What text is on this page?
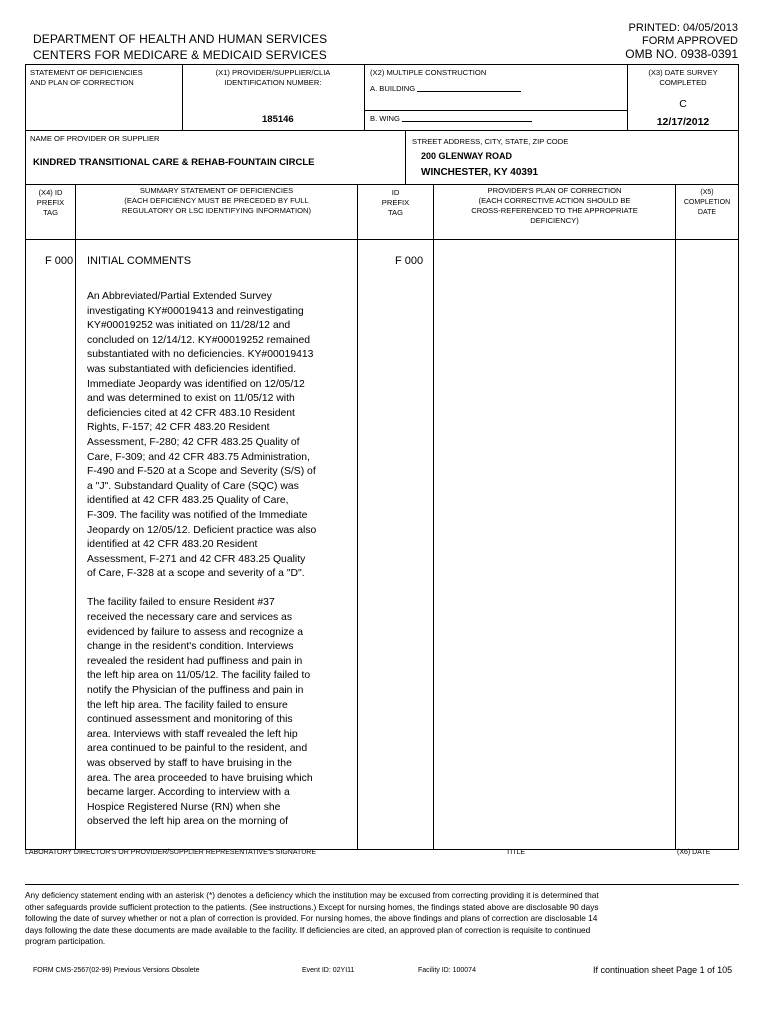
DEPARTMENT OF HEALTH AND HUMAN SERVICES
CENTERS FOR MEDICARE & MEDICAID SERVICES
PRINTED: 04/05/2013
FORM APPROVED
OMB NO. 0938-0391
STATEMENT OF DEFICIENCIES
AND PLAN OF CORRECTION
(X1) PROVIDER/SUPPLIER/CLIA
IDENTIFICATION NUMBER:
185146
(X2) MULTIPLE CONSTRUCTION
A. BUILDING
B. WING
(X3) DATE SURVEY
COMPLETED
C
12/17/2012
NAME OF PROVIDER OR SUPPLIER
KINDRED TRANSITIONAL CARE & REHAB-FOUNTAIN CIRCLE
STREET ADDRESS, CITY, STATE, ZIP CODE
200 GLENWAY ROAD
WINCHESTER, KY 40391
(X4) ID
PREFIX
TAG
SUMMARY STATEMENT OF DEFICIENCIES
(EACH DEFICIENCY MUST BE PRECEDED BY FULL
REGULATORY OR LSC IDENTIFYING INFORMATION)
ID
PREFIX
TAG
PROVIDER'S PLAN OF CORRECTION
(EACH CORRECTIVE ACTION SHOULD BE
CROSS-REFERENCED TO THE APPROPRIATE
DEFICIENCY)
(X5)
COMPLETION
DATE
F 000 INITIAL COMMENTS	F 000

An Abbreviated/Partial Extended Survey
investigating KY#00019413 and reinvestigating
KY#00019252 was initiated on 11/28/12 and
concluded on 12/14/12. KY#00019252 remained
substantiated with no deficiencies. KY#00019413
was substantiated with deficiencies identified.
Immediate Jeopardy was identified on 12/05/12
and was determined to exist on 11/05/12 with
deficiencies cited at 42 CFR 483.10 Resident
Rights, F-157; 42 CFR 483.20 Resident
Assessment, F-280; 42 CFR 483.25 Quality of
Care, F-309; and 42 CFR 483.75 Administration,
F-490 and F-520 at a Scope and Severity (S/S) of
a "J". Substandard Quality of Care (SQC) was
identified at 42 CFR 483.25 Quality of Care,
F-309. The facility was notified of the Immediate
Jeopardy on 12/05/12. Deficient practice was also
identified at 42 CFR 483.20 Resident
Assessment, F-271 and 42 CFR 483.25 Quality
of Care, F-328 at a scope and severity of a "D".

The facility failed to ensure Resident #37
received the necessary care and services as
evidenced by failure to assess and recognize a
change in the resident's condition. Interviews
revealed the resident had puffiness and pain in
the left hip area on 11/05/12. The facility failed to
notify the Physician of the puffiness and pain in
the left hip area. The facility failed to ensure
continued assessment and monitoring of this
area. Interviews with staff revealed the left hip
area continued to be painful to the resident, and
was observed by staff to have bruising in the
area. The area proceeded to have bruising which
became larger. According to interview with a
Hospice Registered Nurse (RN) when she
observed the left hip area on the morning of

LABORATORY DIRECTOR'S OR PROVIDER/SUPPLIER REPRESENTATIVE'S SIGNATURE	TITLE	(X6) DATE
Any deficiency statement ending with an asterisk (*) denotes a deficiency which the institution may be excused from correcting providing it is determined that
other safeguards provide sufficient protection to the patients. (See instructions.) Except for nursing homes, the findings stated above are disclosable 90 days
following the date of survey whether or not a plan of correction is provided. For nursing homes, the above findings and plans of correction are disclosable 14
days following the date these documents are made available to the facility. If deficiencies are cited, an approved plan of correction is requisite to continued
program participation.
FORM CMS-2567(02-99) Previous Versions Obsolete	Event ID: 02YI11	Facility ID: 100074	If continuation sheet Page 1 of 105
